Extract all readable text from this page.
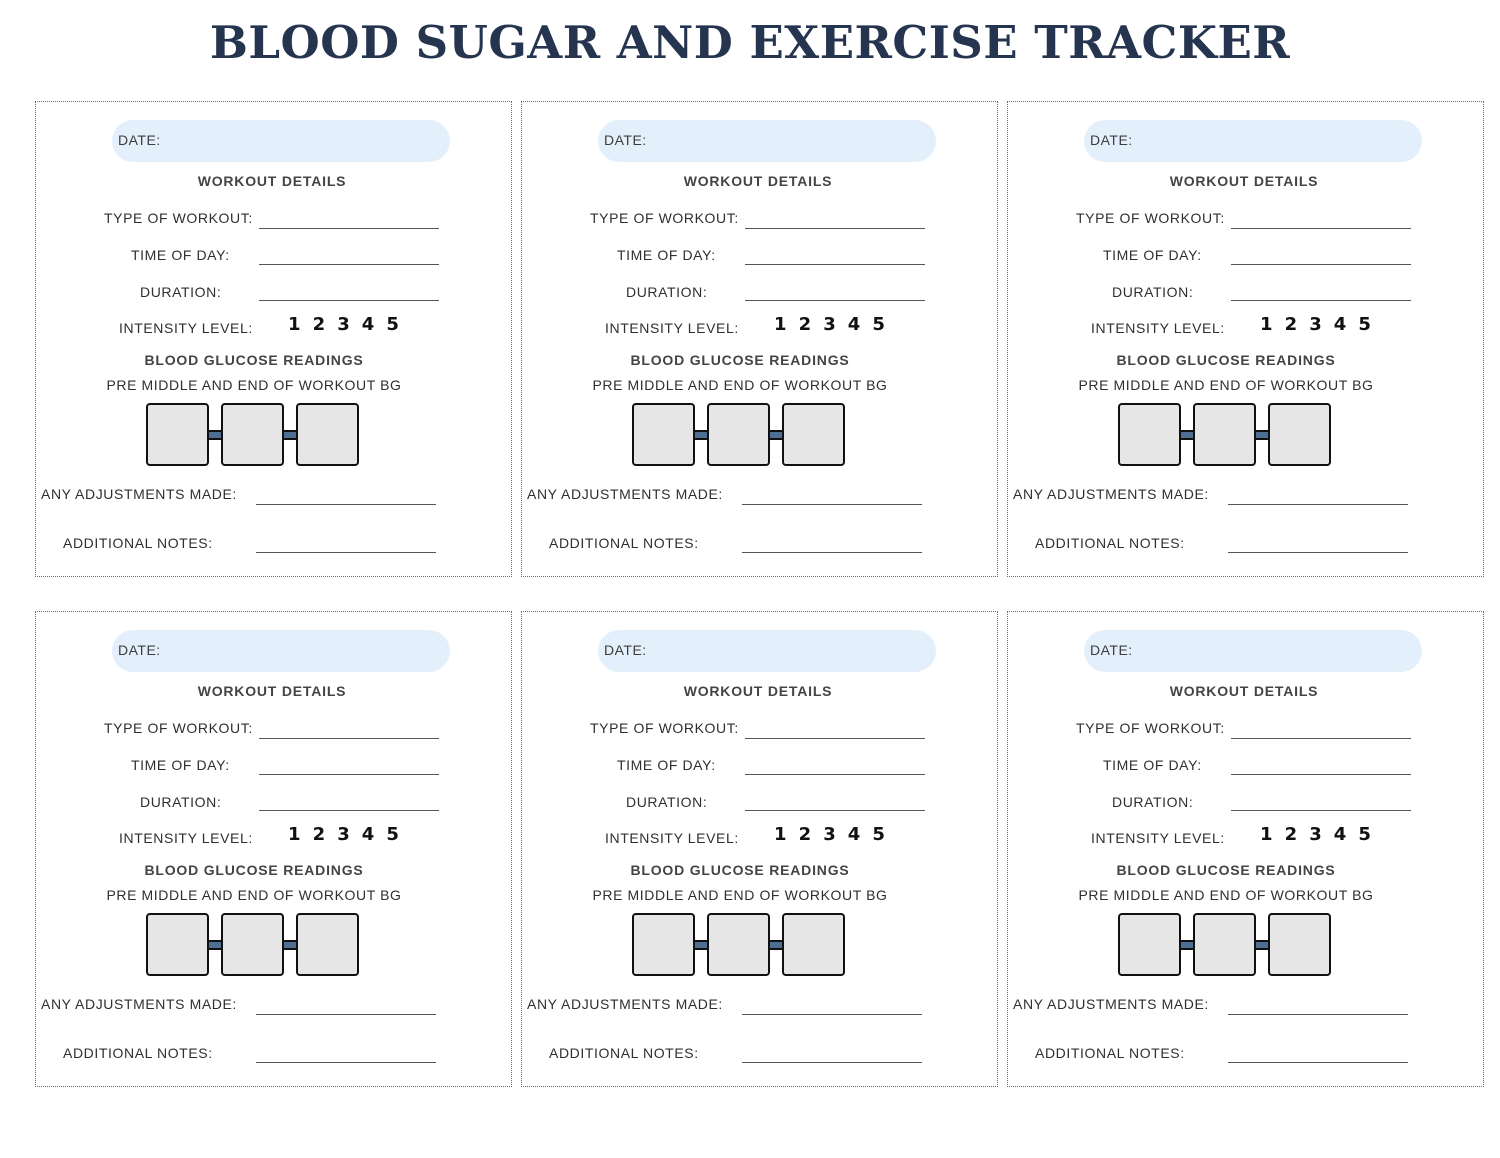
BLOOD SUGAR AND EXERCISE TRACKER
DATE:
WORKOUT DETAILS
TYPE OF WORKOUT:
TIME OF DAY:
DURATION:
INTENSITY LEVEL: 1 2 3 4 5
BLOOD GLUCOSE READINGS
PRE MIDDLE AND END OF WORKOUT BG
ANY ADJUSTMENTS MADE:
ADDITIONAL NOTES:
DATE:
WORKOUT DETAILS
TYPE OF WORKOUT:
TIME OF DAY:
DURATION:
INTENSITY LEVEL: 1 2 3 4 5
BLOOD GLUCOSE READINGS
PRE MIDDLE AND END OF WORKOUT BG
ANY ADJUSTMENTS MADE:
ADDITIONAL NOTES:
DATE:
WORKOUT DETAILS
TYPE OF WORKOUT:
TIME OF DAY:
DURATION:
INTENSITY LEVEL: 1 2 3 4 5
BLOOD GLUCOSE READINGS
PRE MIDDLE AND END OF WORKOUT BG
ANY ADJUSTMENTS MADE:
ADDITIONAL NOTES:
DATE:
WORKOUT DETAILS
TYPE OF WORKOUT:
TIME OF DAY:
DURATION:
INTENSITY LEVEL: 1 2 3 4 5
BLOOD GLUCOSE READINGS
PRE MIDDLE AND END OF WORKOUT BG
ANY ADJUSTMENTS MADE:
ADDITIONAL NOTES:
DATE:
WORKOUT DETAILS
TYPE OF WORKOUT:
TIME OF DAY:
DURATION:
INTENSITY LEVEL: 1 2 3 4 5
BLOOD GLUCOSE READINGS
PRE MIDDLE AND END OF WORKOUT BG
ANY ADJUSTMENTS MADE:
ADDITIONAL NOTES:
DATE:
WORKOUT DETAILS
TYPE OF WORKOUT:
TIME OF DAY:
DURATION:
INTENSITY LEVEL: 1 2 3 4 5
BLOOD GLUCOSE READINGS
PRE MIDDLE AND END OF WORKOUT BG
ANY ADJUSTMENTS MADE:
ADDITIONAL NOTES:
